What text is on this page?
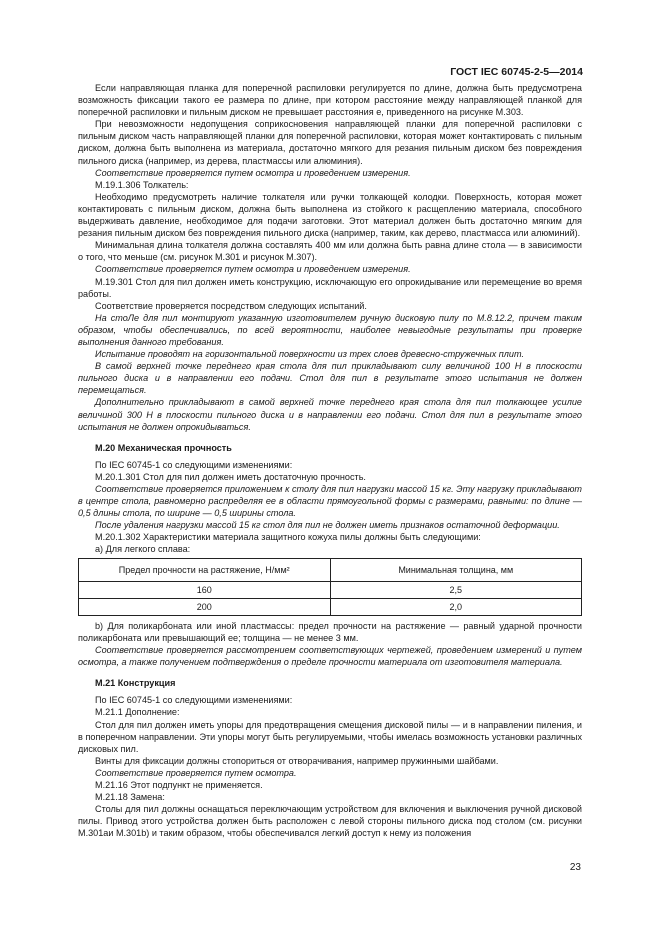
ГОСТ IEC 60745-2-5—2014

Если направляющая планка для поперечной распиловки регулируется по длине, должна быть предусмотрена возможность фиксации такого ее размера по длине, при котором расстояние между направляющей планкой для поперечной распиловки и пильным диском не превышает расстояния e, приведенного на рисунке М.303.

При невозможности недопущения соприкосновения направляющей планки для поперечной распиловки с пильным диском часть направляющей планки для поперечной распиловки, которая может контактировать с пильным диском, должна быть выполнена из материала, достаточно мягкого для резания пильным диском без повреждения пильного диска (например, из дерева, пластмассы или алюминия).

Соответствие проверяется путем осмотра и проведением измерения.

М.19.1.306 Толкатель:

Необходимо предусмотреть наличие толкателя или ручки толкающей колодки. Поверхность, которая может контактировать с пильным диском, должна быть выполнена из стойкого к расщеплению материала, способного выдерживать давление, необходимое для подачи заготовки. Этот материал должен быть достаточно мягким для резания пильным диском без повреждения пильного диска (например, таким, как дерево, пластмасса или алюминий).

Минимальная длина толкателя должна составлять 400 мм или должна быть равна длине стола — в зависимости о того, что меньше (см. рисунок М.301 и рисунок М.307).

Соответствие проверяется путем осмотра и проведением измерения.

М.19.301 Стол для пил должен иметь конструкцию, исключающую его опрокидывание или перемещение во время работы.

Соответствие проверяется посредством следующих испытаний.

На стоЛе для пил монтируют указанную изготовителем ручную дисковую пилу по М.8.12.2, причем таким образом, чтобы обеспечивались, по всей вероятности, наиболее невыгодные результаты при проверке выполнения данного требования.

Испытание проводят на горизонтальной поверхности из трех слоев древесно-стружечных плит.

В самой верхней точке переднего края стола для пил прикладывают силу величиной 100 Н в плоскости пильного диска и в направлении его подачи. Стол для пил в результате этого испытания не должен перемещаться.

Дополнительно прикладывают в самой верхней точке переднего края стола для пил толкающее усилие величиной 300 Н в плоскости пильного диска и в направлении его подачи. Стол для пил в результате этого испытания не должен опрокидываться.

М.20 Механическая прочность

По IEC 60745-1 со следующими изменениями:

М.20.1.301 Стол для пил должен иметь достаточную прочность.

Соответствие проверяется приложением к столу для пил нагрузки массой 15 кг. Эту нагрузку прикладывают в центре стола, равномерно распределяя ее в области прямоугольной формы с размерами, равными: по длине — 0,5 длины стола, по ширине — 0,5 ширины стола.

После удаления нагрузки массой 15 кг стол для пил не должен иметь признаков остаточной деформации.

М.20.1.302 Характеристики материала защитного кожуха пилы должны быть следующими:

a) Для легкого сплава:

Предел прочности на растяжение, Н/мм²	Минимальная толщина, мм
160	2,5
200	2,0

b) Для поликарбоната или иной пластмассы: предел прочности на растяжение — равный ударной прочности поликарбоната или превышающий ее; толщина — не менее 3 мм.

Соответствие проверяется рассмотрением соответствующих чертежей, проведением измерений и путем осмотра, а также получением подтверждения о пределе прочности материала от изготовителя материала.

М.21 Конструкция

По IEC 60745-1 со следующими изменениями:

М.21.1 Дополнение:

Стол для пил должен иметь упоры для предотвращения смещения дисковой пилы — и в направлении пиления, и в поперечном направлении. Эти упоры могут быть регулируемыми, чтобы имелась возможность установки различных дисковых пил.

Винты для фиксации должны стопориться от отворачивания, например пружинными шайбами.

Соответствие проверяется путем осмотра.

М.21.16 Этот подпункт не применяется.

М.21.18 Замена:

Столы для пил должны оснащаться переключающим устройством для включения и выключения ручной дисковой пилы. Привод этого устройства должен быть расположен с левой стороны пильного диска под столом (см. рисунки М.301аи М.301b) и таким образом, чтобы обеспечивался легкий доступ к нему из положения

23
